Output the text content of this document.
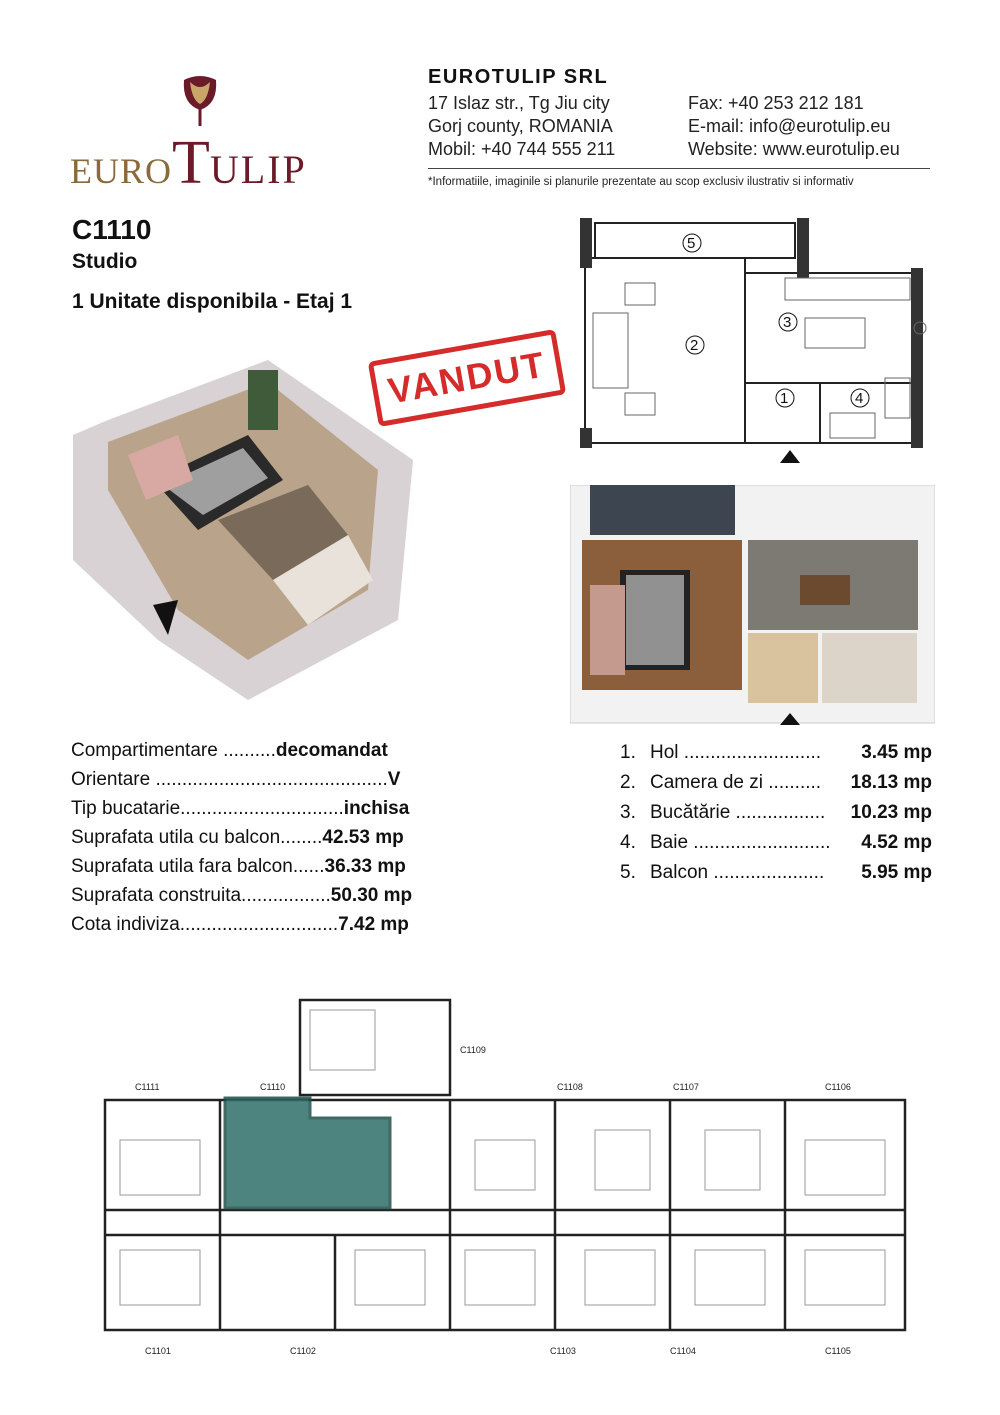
EUROTULIP
EUROTULIP SRL
17 Islaz str., Tg Jiu city	Fax: +40 253 212 181
Gorj county, ROMANIA	E-mail: info@eurotulip.eu
Mobil: +40 744 555 211	Website: www.eurotulip.eu
*Informatiile, imaginile si planurile prezentate au scop exclusiv ilustrativ si informativ
C1110
Studio
1 Unitate disponibila - Etaj 1
VANDUT
5
2
3
1	4
Compartimentare ..........decomandat
Orientare ............................................V
Tip bucatarie...............................inchisa
Suprafata utila cu balcon........42.53 mp
Suprafata utila fara balcon......36.33 mp
Suprafata construita.................50.30 mp
Cota indiviza..............................7.42 mp
1. Hol .......................... 3.45 mp
2. Camera de zi .......... 18.13 mp
3. Bucătărie ................. 10.23 mp
4. Baie .......................... 4.52 mp
5. Balcon ..................... 5.95 mp
C1111	C1110
C1109
C1108	C1107	C1106
C1101	C1102	C1103	C1104	C1105
